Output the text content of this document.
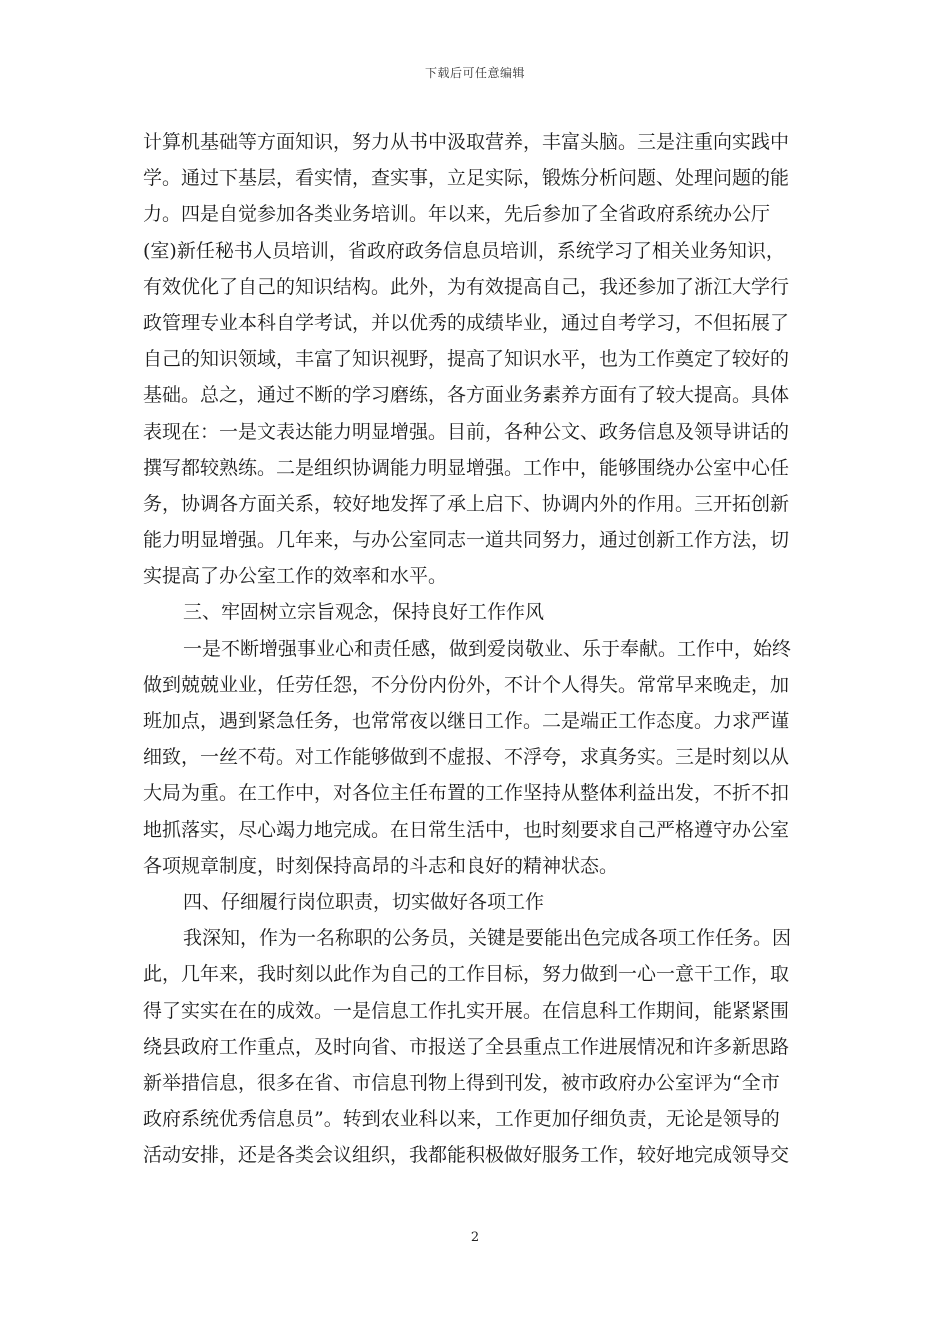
下载后可任意编辑
计算机基础等方面知识，努力从书中汲取营养，丰富头脑。三是注重向实践中
学。通过下基层，看实情，查实事，立足实际，锻炼分析问题、处理问题的能
力。四是自觉参加各类业务培训。年以来，先后参加了全省政府系统办公厅
(室)新任秘书人员培训，省政府政务信息员培训，系统学习了相关业务知识，
有效优化了自己的知识结构。此外，为有效提高自己，我还参加了浙江大学行
政管理专业本科自学考试，并以优秀的成绩毕业，通过自考学习，不但拓展了
自己的知识领域，丰富了知识视野，提高了知识水平，也为工作奠定了较好的
基础。总之，通过不断的学习磨练，各方面业务素养方面有了较大提高。具体
表现在：一是文表达能力明显增强。目前，各种公文、政务信息及领导讲话的
撰写都较熟练。二是组织协调能力明显增强。工作中，能够围绕办公室中心任
务，协调各方面关系，较好地发挥了承上启下、协调内外的作用。三开拓创新
能力明显增强。几年来，与办公室同志一道共同努力，通过创新工作方法，切
实提高了办公室工作的效率和水平。
三、牢固树立宗旨观念，保持良好工作作风
一是不断增强事业心和责任感，做到爱岗敬业、乐于奉献。工作中，始终
做到兢兢业业，任劳任怨，不分份内份外，不计个人得失。常常早来晚走，加
班加点，遇到紧急任务，也常常夜以继日工作。二是端正工作态度。力求严谨
细致，一丝不苟。对工作能够做到不虚报、不浮夸，求真务实。三是时刻以从
大局为重。在工作中，对各位主任布置的工作坚持从整体利益出发，不折不扣
地抓落实，尽心竭力地完成。在日常生活中，也时刻要求自己严格遵守办公室
各项规章制度，时刻保持高昂的斗志和良好的精神状态。
四、仔细履行岗位职责，切实做好各项工作
我深知，作为一名称职的公务员，关键是要能出色完成各项工作任务。因
此，几年来，我时刻以此作为自己的工作目标，努力做到一心一意干工作，取
得了实实在在的成效。一是信息工作扎实开展。在信息科工作期间，能紧紧围
绕县政府工作重点，及时向省、市报送了全县重点工作进展情况和许多新思路
新举措信息，很多在省、市信息刊物上得到刊发，被市政府办公室评为“全市
政府系统优秀信息员”。转到农业科以来，工作更加仔细负责，无论是领导的
活动安排，还是各类会议组织，我都能积极做好服务工作，较好地完成领导交
2
